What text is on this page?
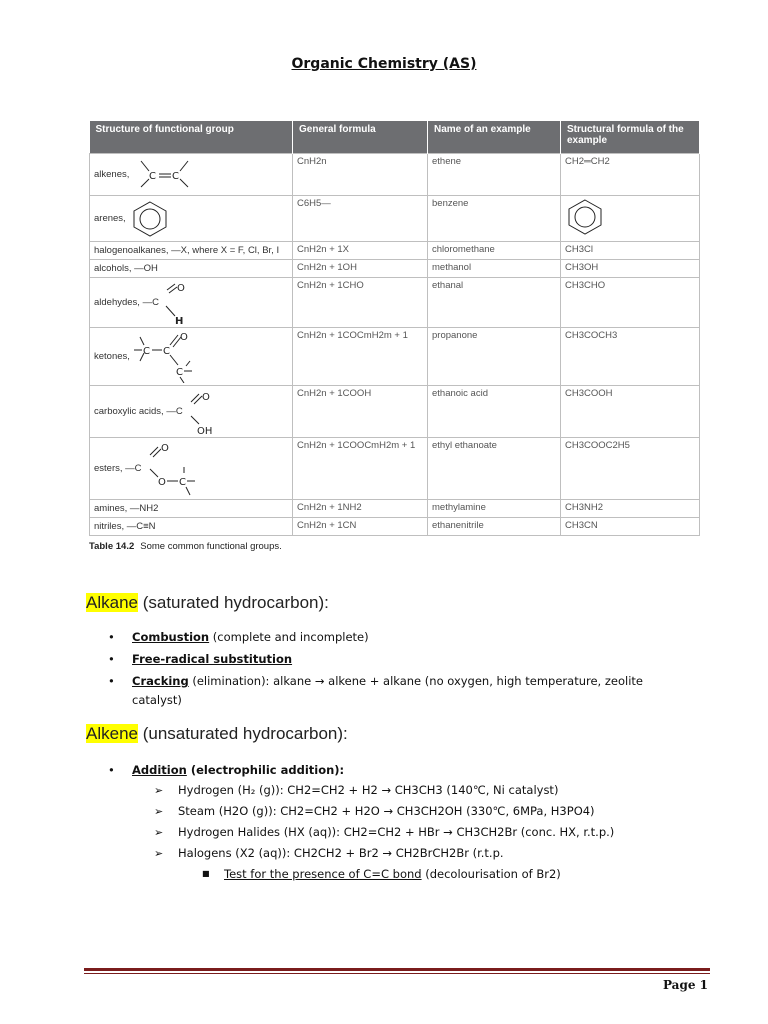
Organic Chemistry (AS)
Structure of functional group	General formula	Name of an example	Structural formula of the example

alkenes, C C	CnH2n	ethene	CH2═CH2

arenes,	C6H5—	benzene	
halogenoalkanes, —X, where X = F, Cl, Br, I	CnH2n + 1X	chloromethane	CH3Cl
alcohols, —OH	CnH2n + 1OH	methanol	CH3OH

aldehydes, —C
O
H	CnH2n + 1CHO	ethanal	CH3CHO

ketones, C C
O
C	CnH2n + 1COCmH2m + 1	propanone	CH3COCH3

carboxylic acids, —C
O
OH	CnH2n + 1COOH	ethanoic acid	CH3COOH

esters, —C
O
O C	CnH2n + 1COOCmH2m + 1	ethyl ethanoate	CH3COOC2H5
amines, —NH2	CnH2n + 1NH2	methylamine	CH3NH2
nitriles, —C≡N	CnH2n + 1CN	ethanenitrile	CH3CN
Table 14.2 Some common functional groups.
Alkane (saturated hydrocarbon):
• Combustion (complete and incomplete)
• Free-radical substitution
• Cracking (elimination): alkane → alkene + alkane (no oxygen, high temperature, zeolite catalyst)
Alkene (unsaturated hydrocarbon):
• Addition (electrophilic addition):
➢ Hydrogen (H₂ (g)): CH2=CH2 + H2 → CH3CH3 (140℃, Ni catalyst)
➢ Steam (H2O (g)): CH2=CH2 + H2O → CH3CH2OH (330℃, 6MPa, H3PO4)
➢ Hydrogen Halides (HX (aq)): CH2=CH2 + HBr → CH3CH2Br (conc. HX, r.t.p.)
➢ Halogens (X2 (aq)): CH2CH2 + Br2 → CH2BrCH2Br (r.t.p.
■ Test for the presence of C=C bond (decolourisation of Br2)
Page 1
